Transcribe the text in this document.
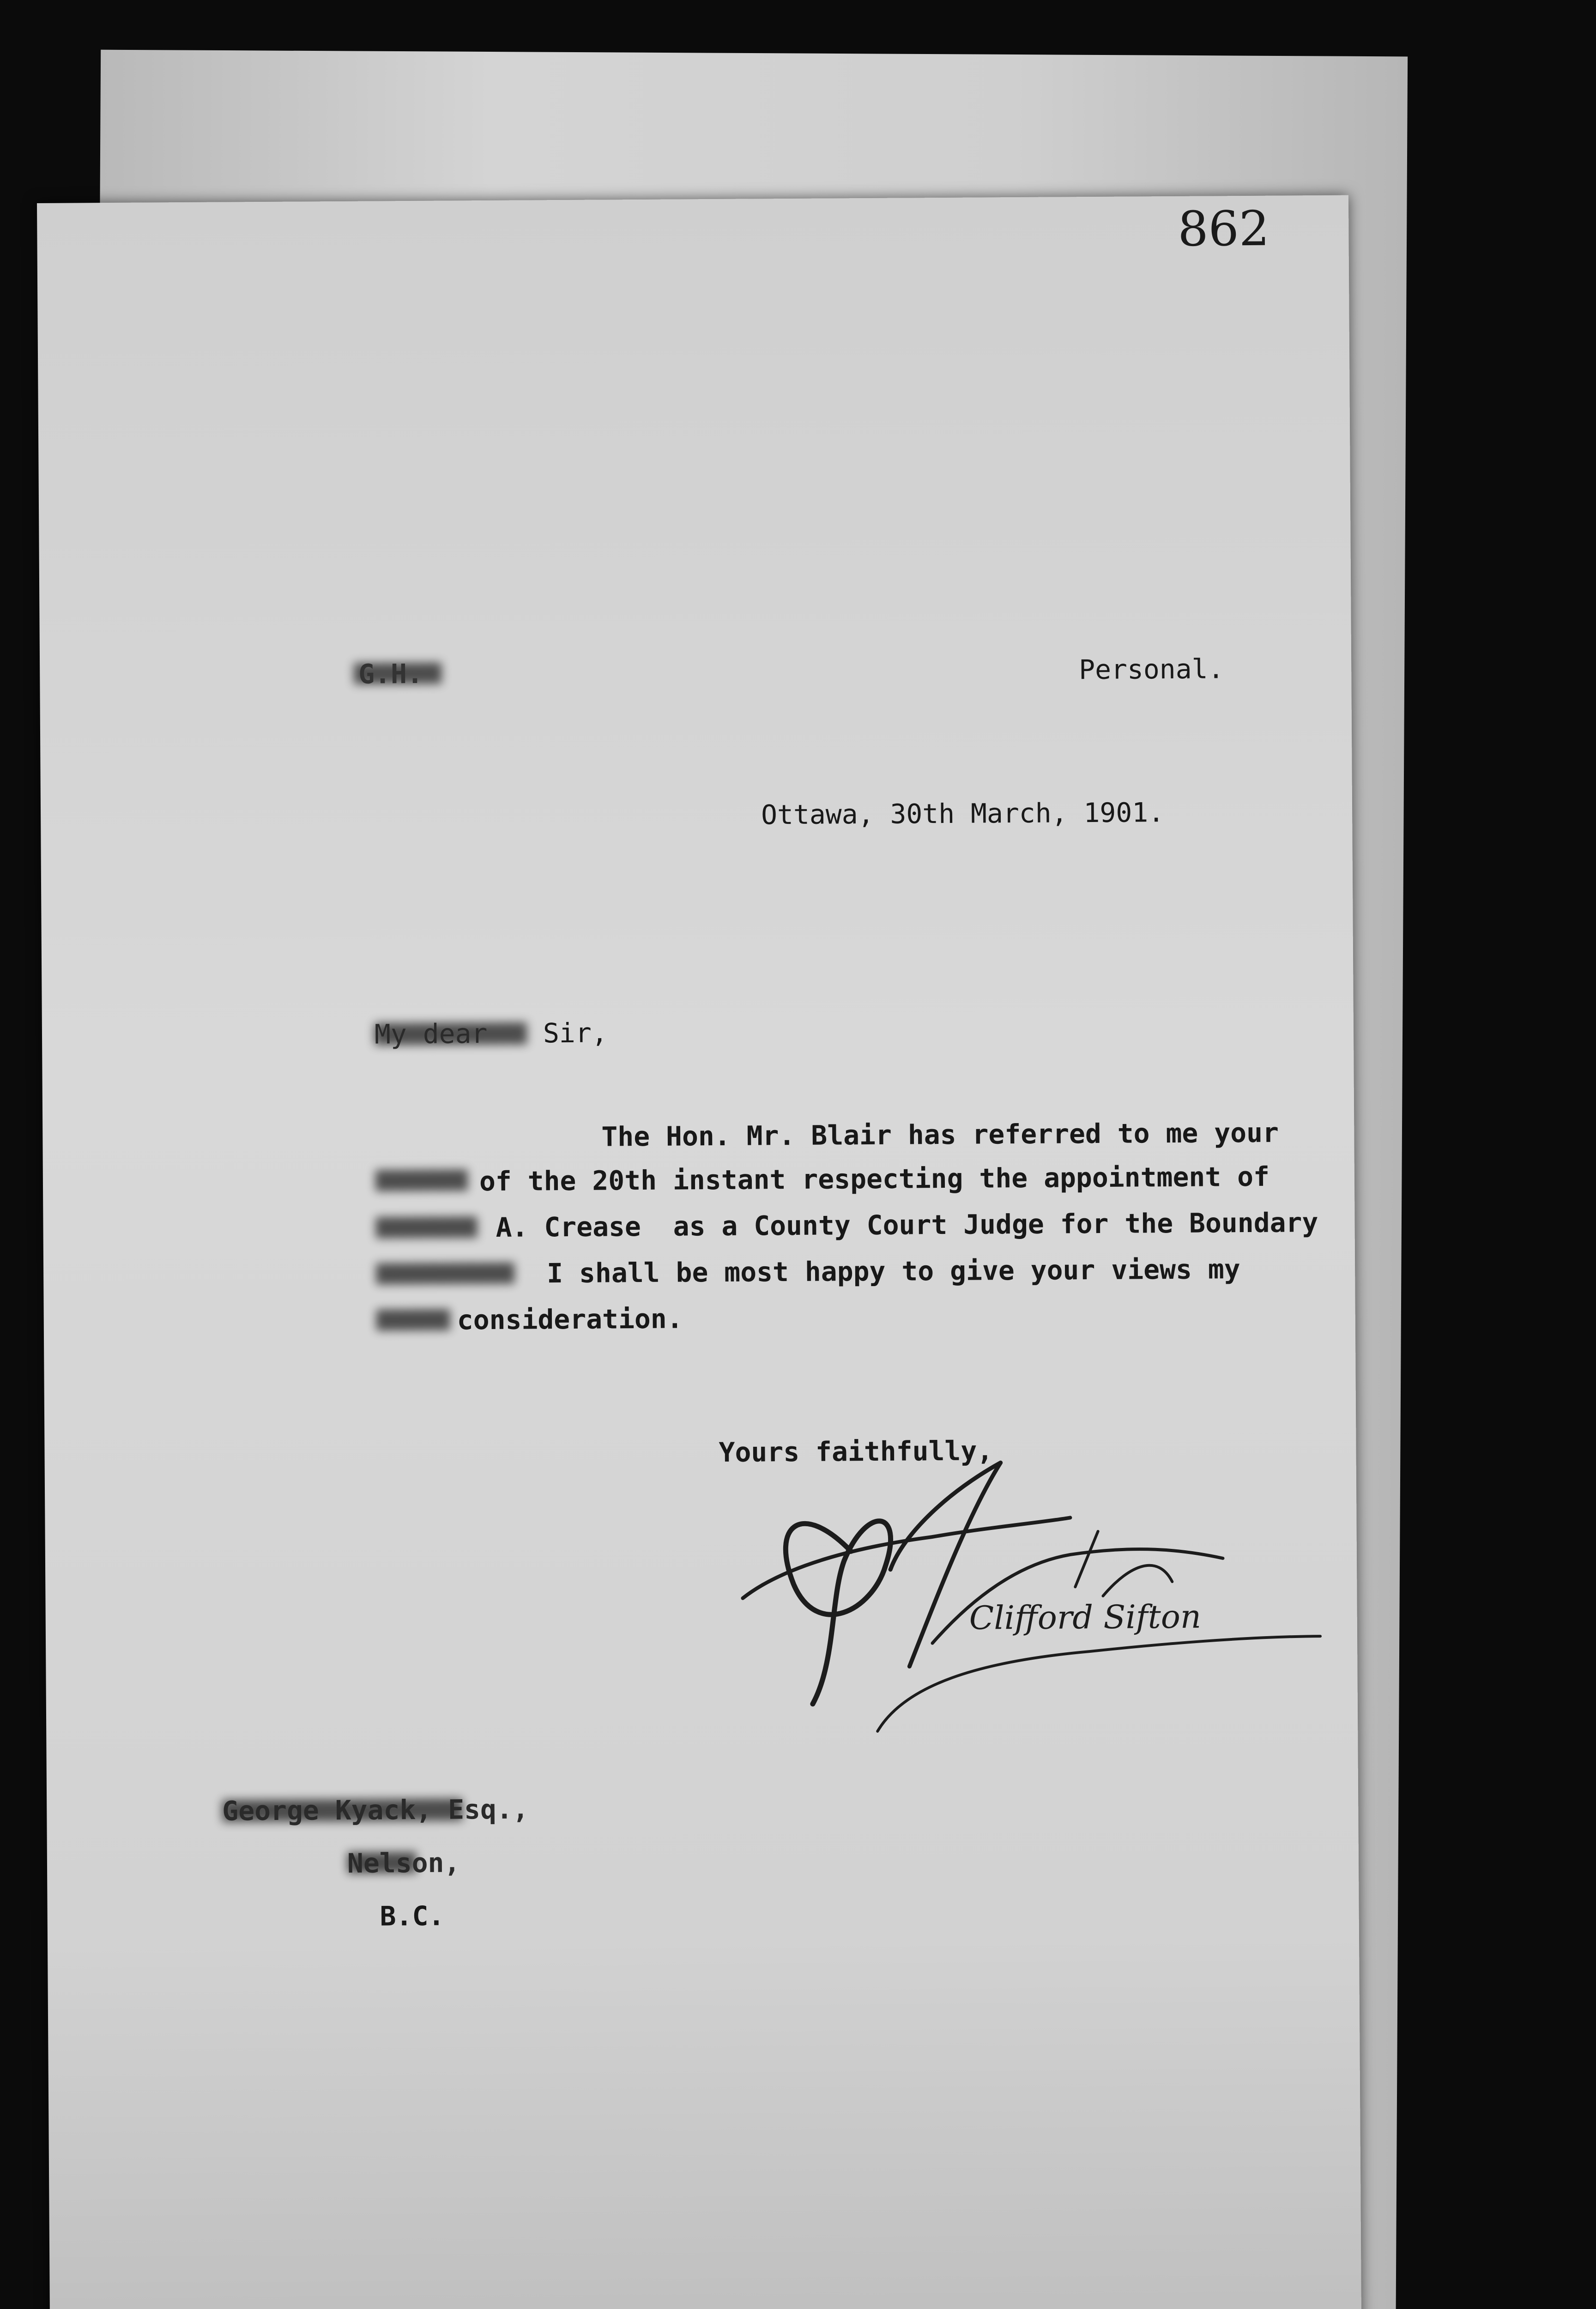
862
G.H.	Personal.
Ottawa, 30th March, 1901.
My dear Sir,
The Hon. Mr. Blair has referred to me your
of the 20th instant respecting the appointment of
A. Crease  as a County Court Judge for the Boundary
I shall be most happy to give your views my
consideration.
Yours faithfully,
Clifford Sifton
George Kyack, Esq.,
Nelson,
B.C.
